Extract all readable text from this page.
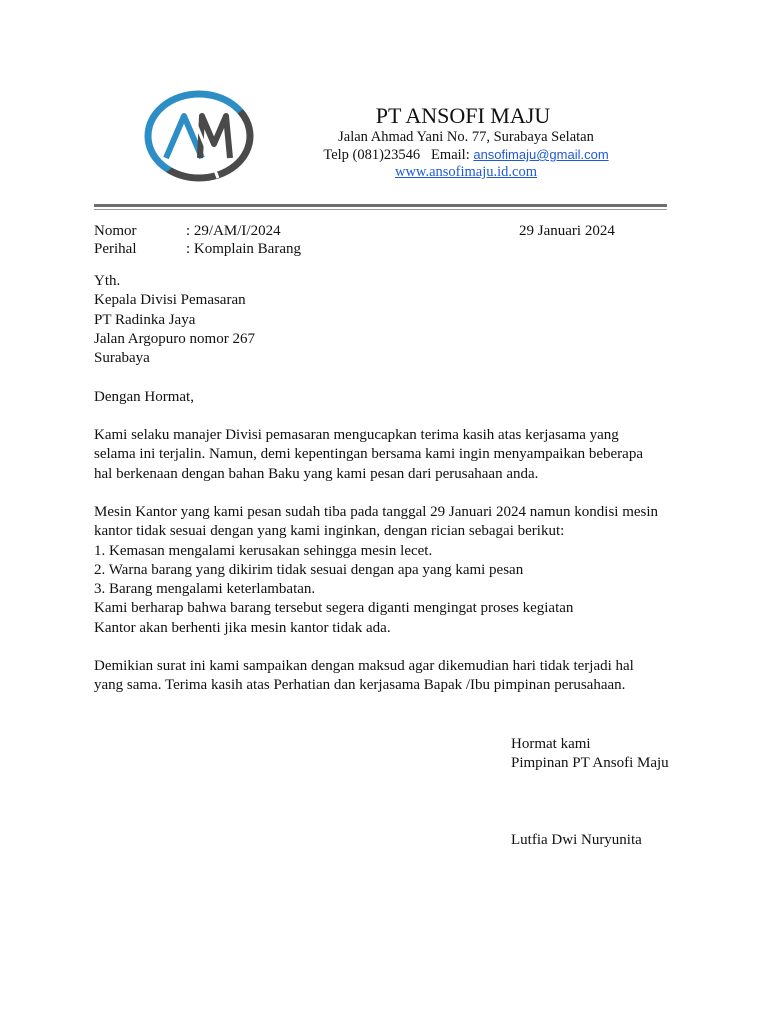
PT ANSOFI MAJU
Jalan Ahmad Yani No. 77, Surabaya Selatan
Telp (081)23546   Email: ansofimaju@gmail.com
www.ansofimaju.id.com
Nomor	: 29/AM/I/2024	29 Januari 2024
Perihal	: Komplain Barang
Yth.
Kepala Divisi Pemasaran
PT Radinka Jaya
Jalan Argopuro nomor 267
Surabaya
Dengan Hormat,
Kami selaku manajer Divisi pemasaran mengucapkan terima kasih atas kerjasama yang
selama ini terjalin. Namun, demi kepentingan bersama kami ingin menyampaikan beberapa
hal berkenaan dengan bahan Baku yang kami pesan dari perusahaan anda.
Mesin Kantor yang kami pesan sudah tiba pada tanggal 29 Januari 2024 namun kondisi mesin
kantor tidak sesuai dengan yang kami inginkan, dengan rician sebagai berikut:
1. Kemasan mengalami kerusakan sehingga mesin lecet.
2. Warna barang yang dikirim tidak sesuai dengan apa yang kami pesan
3. Barang mengalami keterlambatan.
Kami berharap bahwa barang tersebut segera diganti mengingat proses kegiatan
Kantor akan berhenti jika mesin kantor tidak ada.
Demikian surat ini kami sampaikan dengan maksud agar dikemudian hari tidak terjadi hal
yang sama. Terima kasih atas Perhatian dan kerjasama Bapak /Ibu pimpinan perusahaan.
Hormat kami
Pimpinan PT Ansofi Maju
Lutfia Dwi Nuryunita
